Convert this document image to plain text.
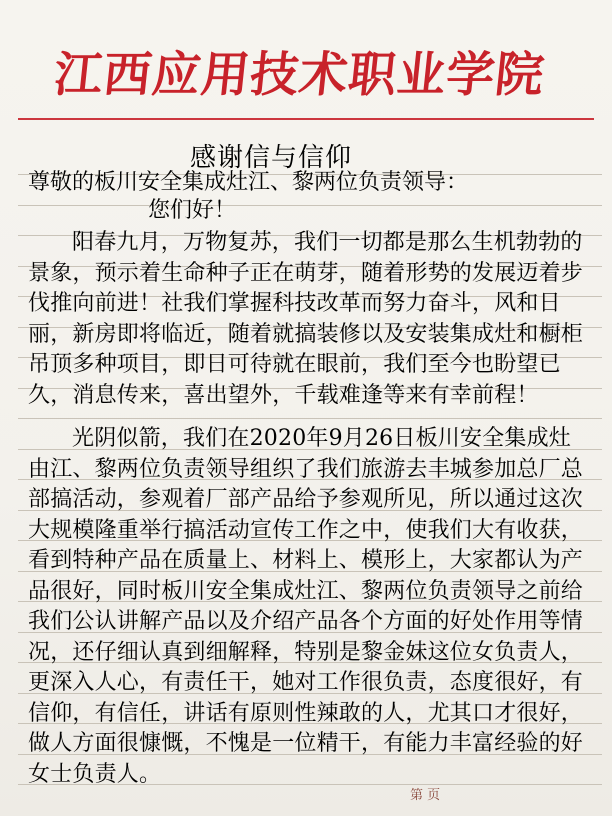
江西应用技术职业学院
感谢信与信仰
尊敬的板川安全集成灶江、黎两位负责领导：
您们好！

阳春九月，万物复苏，我们一切都是那么生机勃勃的景象，预示着生命种子正在萌芽，随着形势的发展迈着步伐推向前进！社我们掌握科技改革而努力奋斗，风和日丽，新房即将临近，随着就搞装修以及安装集成灶和橱柜吊顶多种项目，即日可待就在眼前，我们至今也盼望已久，消息传来，喜出望外，千载难逢等来有幸前程！

光阴似箭，我们在2020年9月26日板川安全集成灶由江、黎两位负责领导组织了我们旅游去丰城参加总厂总部搞活动，参观着厂部产品给予参观所见，所以通过这次大规模隆重举行搞活动宣传工作之中，使我们大有收获，看到特种产品在质量上、材料上、模形上，大家都认为产品很好，同时板川安全集成灶江、黎两位负责领导之前给我们公认讲解产品以及介绍产品各个方面的好处作用等情况，还仔细认真到细解释，特别是黎金妹这位女负责人，更深入人心，有责任干，她对工作很负责，态度很好，有信仰，有信任，讲话有原则性辣敢的人，尤其口才很好，做人方面很慷慨，不愧是一位精干，有能力丰富经验的好女士负责人。

第 页
